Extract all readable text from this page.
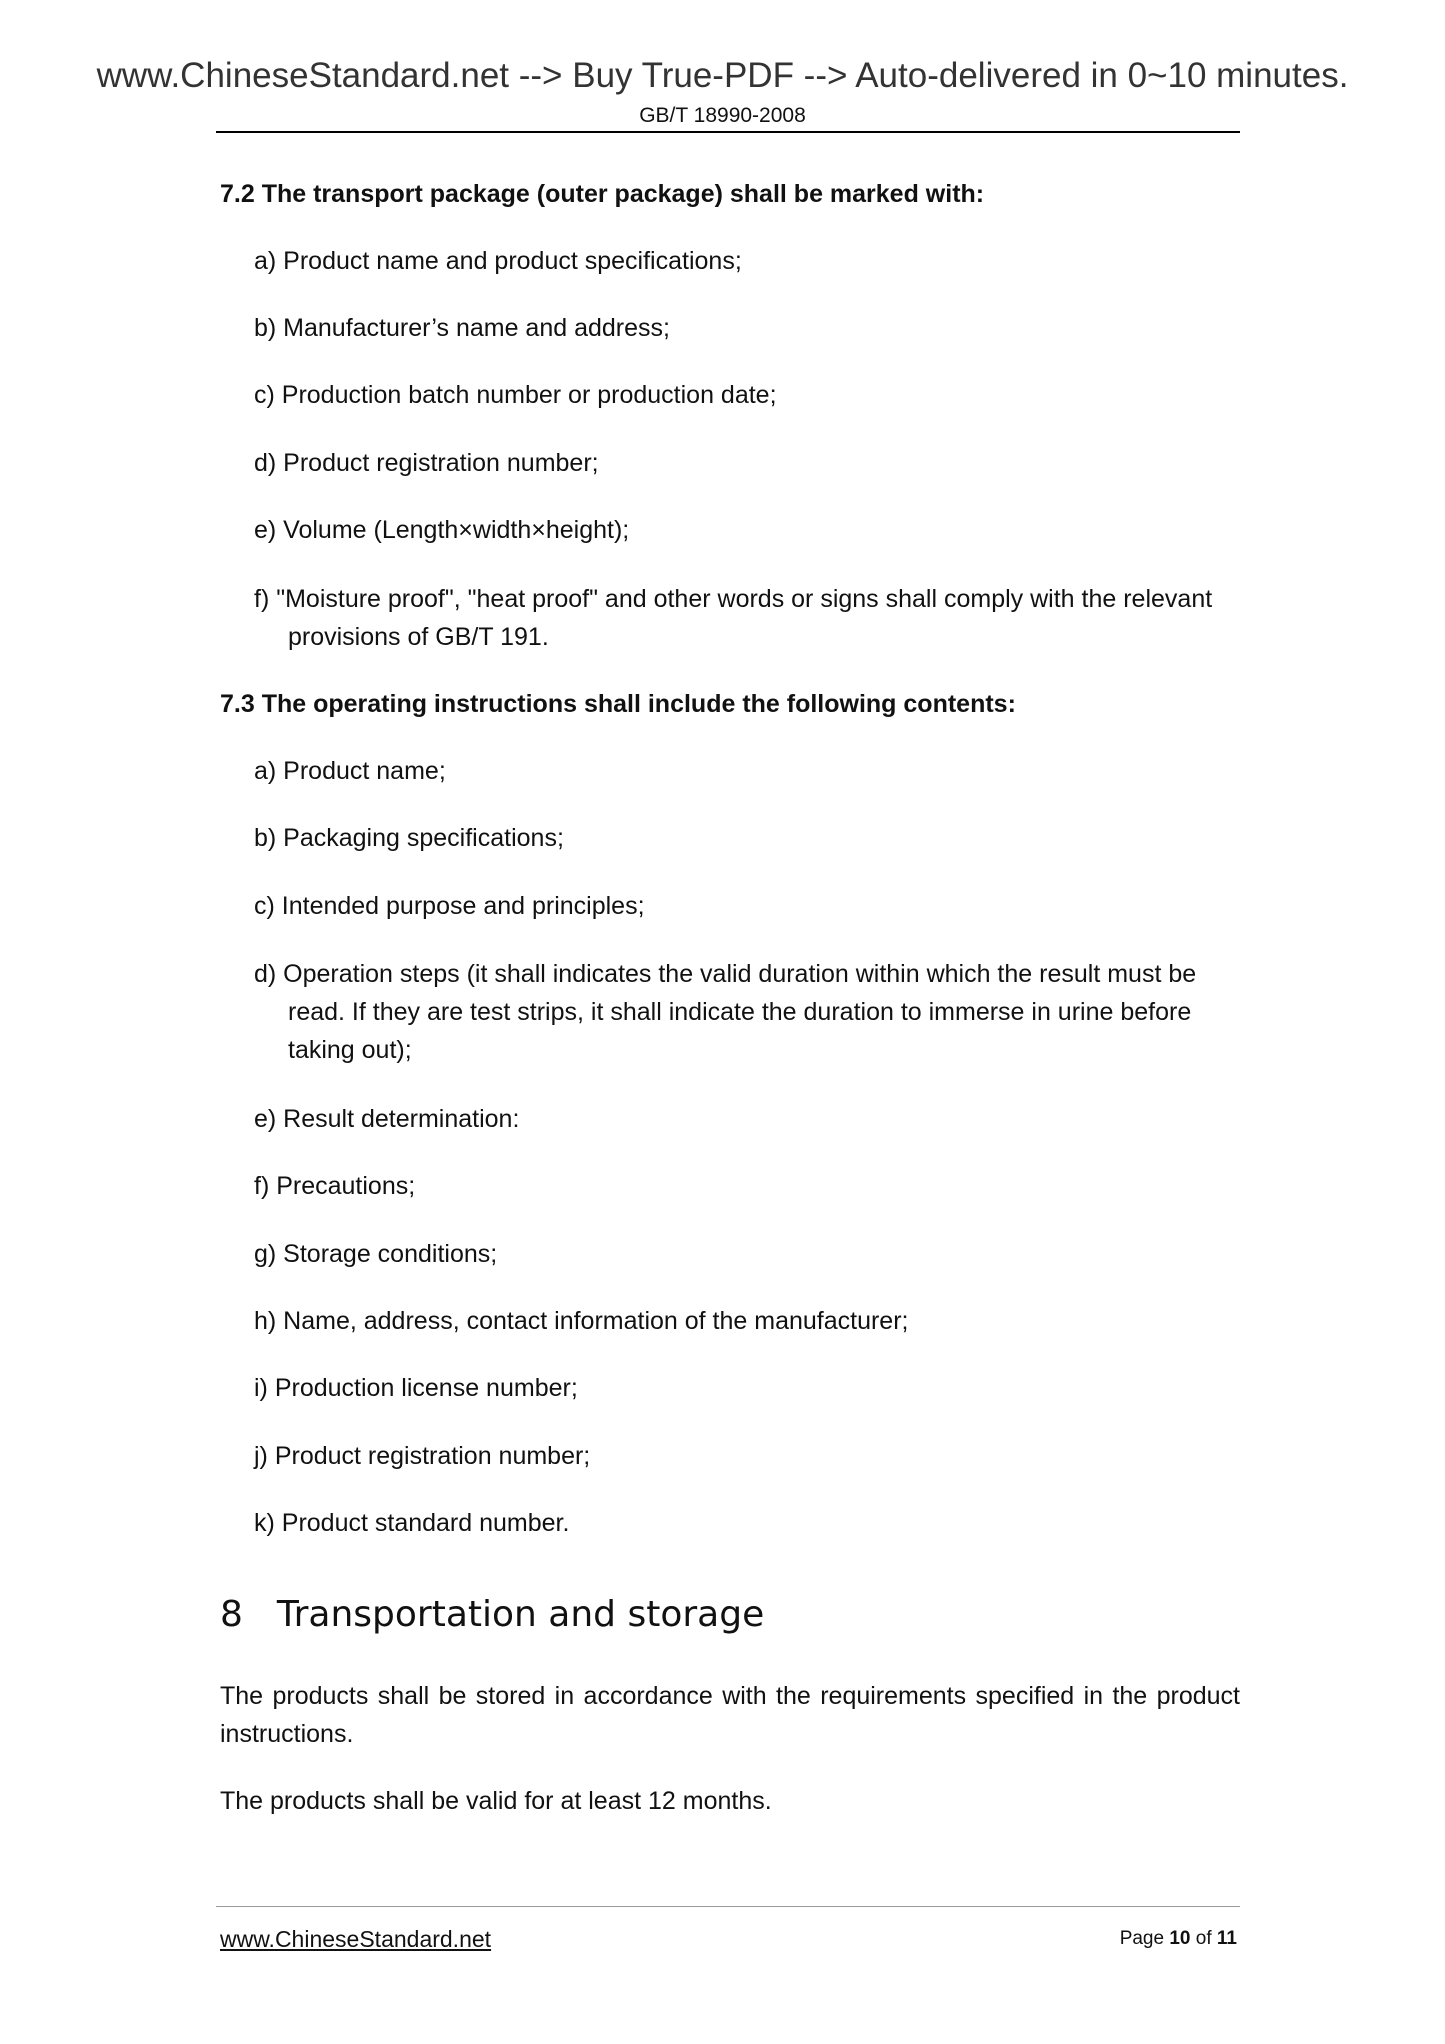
www.ChineseStandard.net --> Buy True-PDF --> Auto-delivered in 0~10 minutes.
GB/T 18990-2008
7.2 The transport package (outer package) shall be marked with:
a) Product name and product specifications;
b) Manufacturer’s name and address;
c) Production batch number or production date;
d) Product registration number;
e) Volume (Length×width×height);
f) "Moisture proof", "heat proof" and other words or signs shall comply with the relevant
provisions of GB/T 191.
7.3 The operating instructions shall include the following contents:
a) Product name;
b) Packaging specifications;
c) Intended purpose and principles;
d) Operation steps (it shall indicates the valid duration within which the result must be
read. If they are test strips, it shall indicate the duration to immerse in urine before
taking out);
e) Result determination:
f) Precautions;
g) Storage conditions;
h) Name, address, contact information of the manufacturer;
i) Production license number;
j) Product registration number;
k) Product standard number.
8 Transportation and storage
The products shall be stored in accordance with the requirements specified in the product instructions.
The products shall be valid for at least 12 months.
www.ChineseStandard.net	Page 10 of 11
